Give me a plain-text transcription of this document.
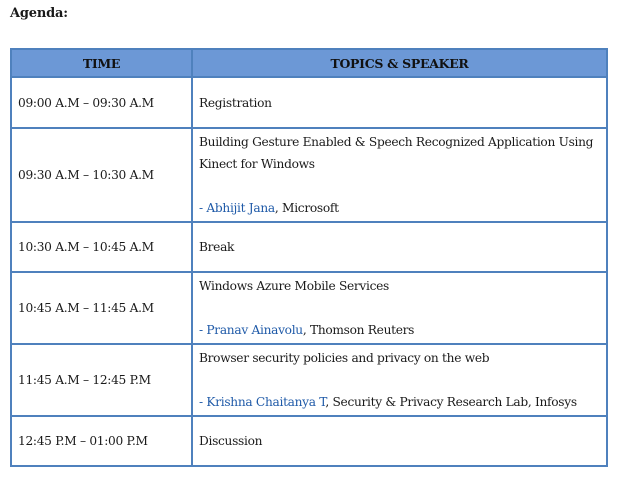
Agenda:
TIME	TOPICS & SPEAKER
09:00 A.M – 09:30 A.M	Registration

09:30 A.M – 10:30 A.M	Building Gesture Enabled & Speech Recognized Application Using
Kinect for Windows
- Abhijit Jana, Microsoft

10:30 A.M – 10:45 A.M	Break

10:45 A.M – 11:45 A.M	Windows Azure Mobile Services
- Pranav Ainavolu, Thomson Reuters

11:45 A.M – 12:45 P.M	Browser security policies and privacy on the web
- Krishna Chaitanya T, Security & Privacy Research Lab, Infosys

12:45 P.M – 01:00 P.M	Discussion
